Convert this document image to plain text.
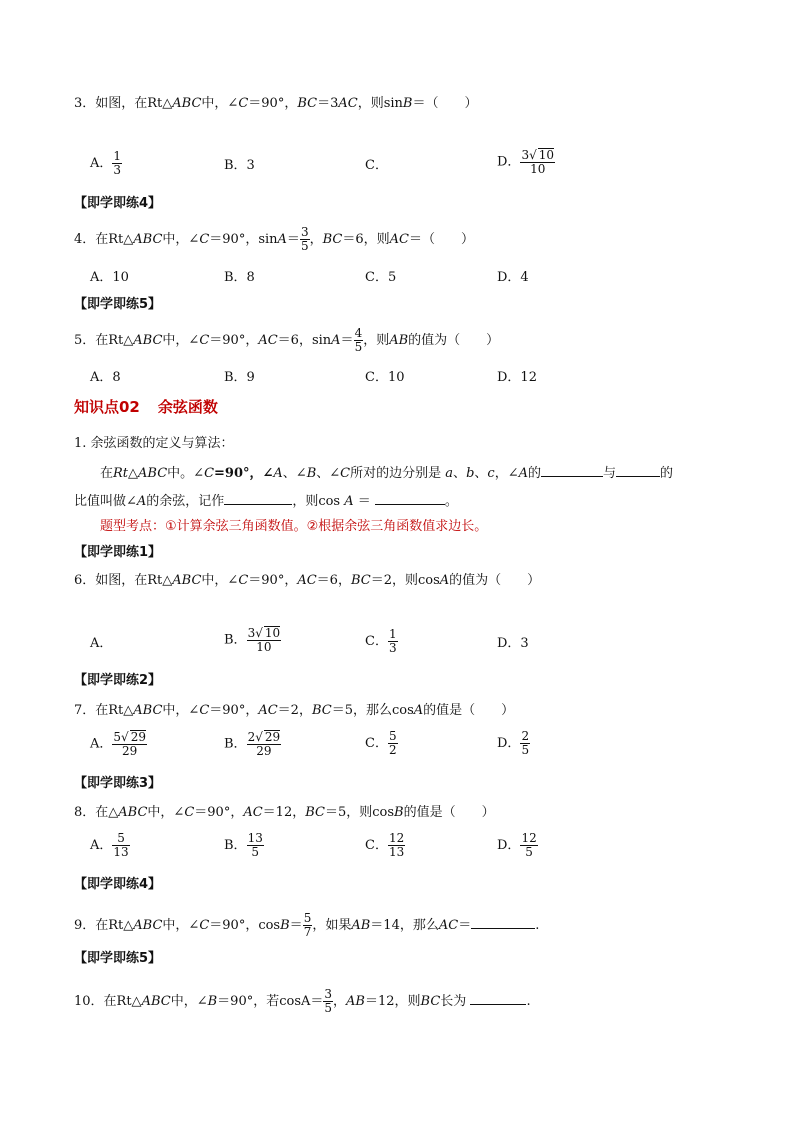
3．如图，在Rt△ABC中，∠C＝90°，BC＝3AC，则sinB＝（　　）
A． $\frac{1}{3}$	B．3	C．	D． $\frac{3√ 10}{10}$
【即学即练4】
4．在Rt△ABC中，∠C＝90°，$\sin A= \frac{3}{5}$ ，BC＝6，则AC＝（　　）
A．10	B．8	C．5	D．4
【即学即练5】
5．在Rt△ABC中，∠C＝90°，AC＝6，$\sin A= \frac{4}{5}$ ，则AB的值为（　　）
A．8	B．9	C．10	D．12
知识点02 余弦函数
1. 余弦函数的定义与算法：
在Rt△ABC中。∠C=90°，∠A、∠B、∠C所对的边分别是 a、b、c，∠A的	与	的
比值叫做∠A的余弦，记作	，则cos A ＝	。
题型考点：①计算余弦三角函数值。②根据余弦三角函数值求边长。
【即学即练1】
6．如图，在Rt△ABC中，∠C＝90°，AC＝6，BC＝2，则cosA的值为（　　）
A．	B． $\frac{3√ 10}{10}$	C． $\frac{1}{3}$	D．3
【即学即练2】
7．在Rt△ABC中，∠C＝90°，AC＝2，BC＝5，那么cosA的值是（　　）
A． $\frac{5√ 29}{29}$	B． $\frac{2√ 29}{29}$	C． $\frac{5}{2}$	D． $\frac{2}{5}$
【即学即练3】
8．在△ABC中，∠C＝90°，AC＝12，BC＝5，则cosB的值是（　　）
A． $\frac{5}{13}$	B． $\frac{13}{5}$	C． $\frac{12}{13}$	D． $\frac{12}{5}$
【即学即练4】
9．在Rt△ABC中，∠C＝90°，$\cos B= \frac{5}{7}$ ，如果AB＝14，那么AC＝	.
【即学即练5】
10．在Rt△ABC中，∠B＝90°，若$\cos A= \frac{3}{5}$ ，AB＝12，则BC长为	.
